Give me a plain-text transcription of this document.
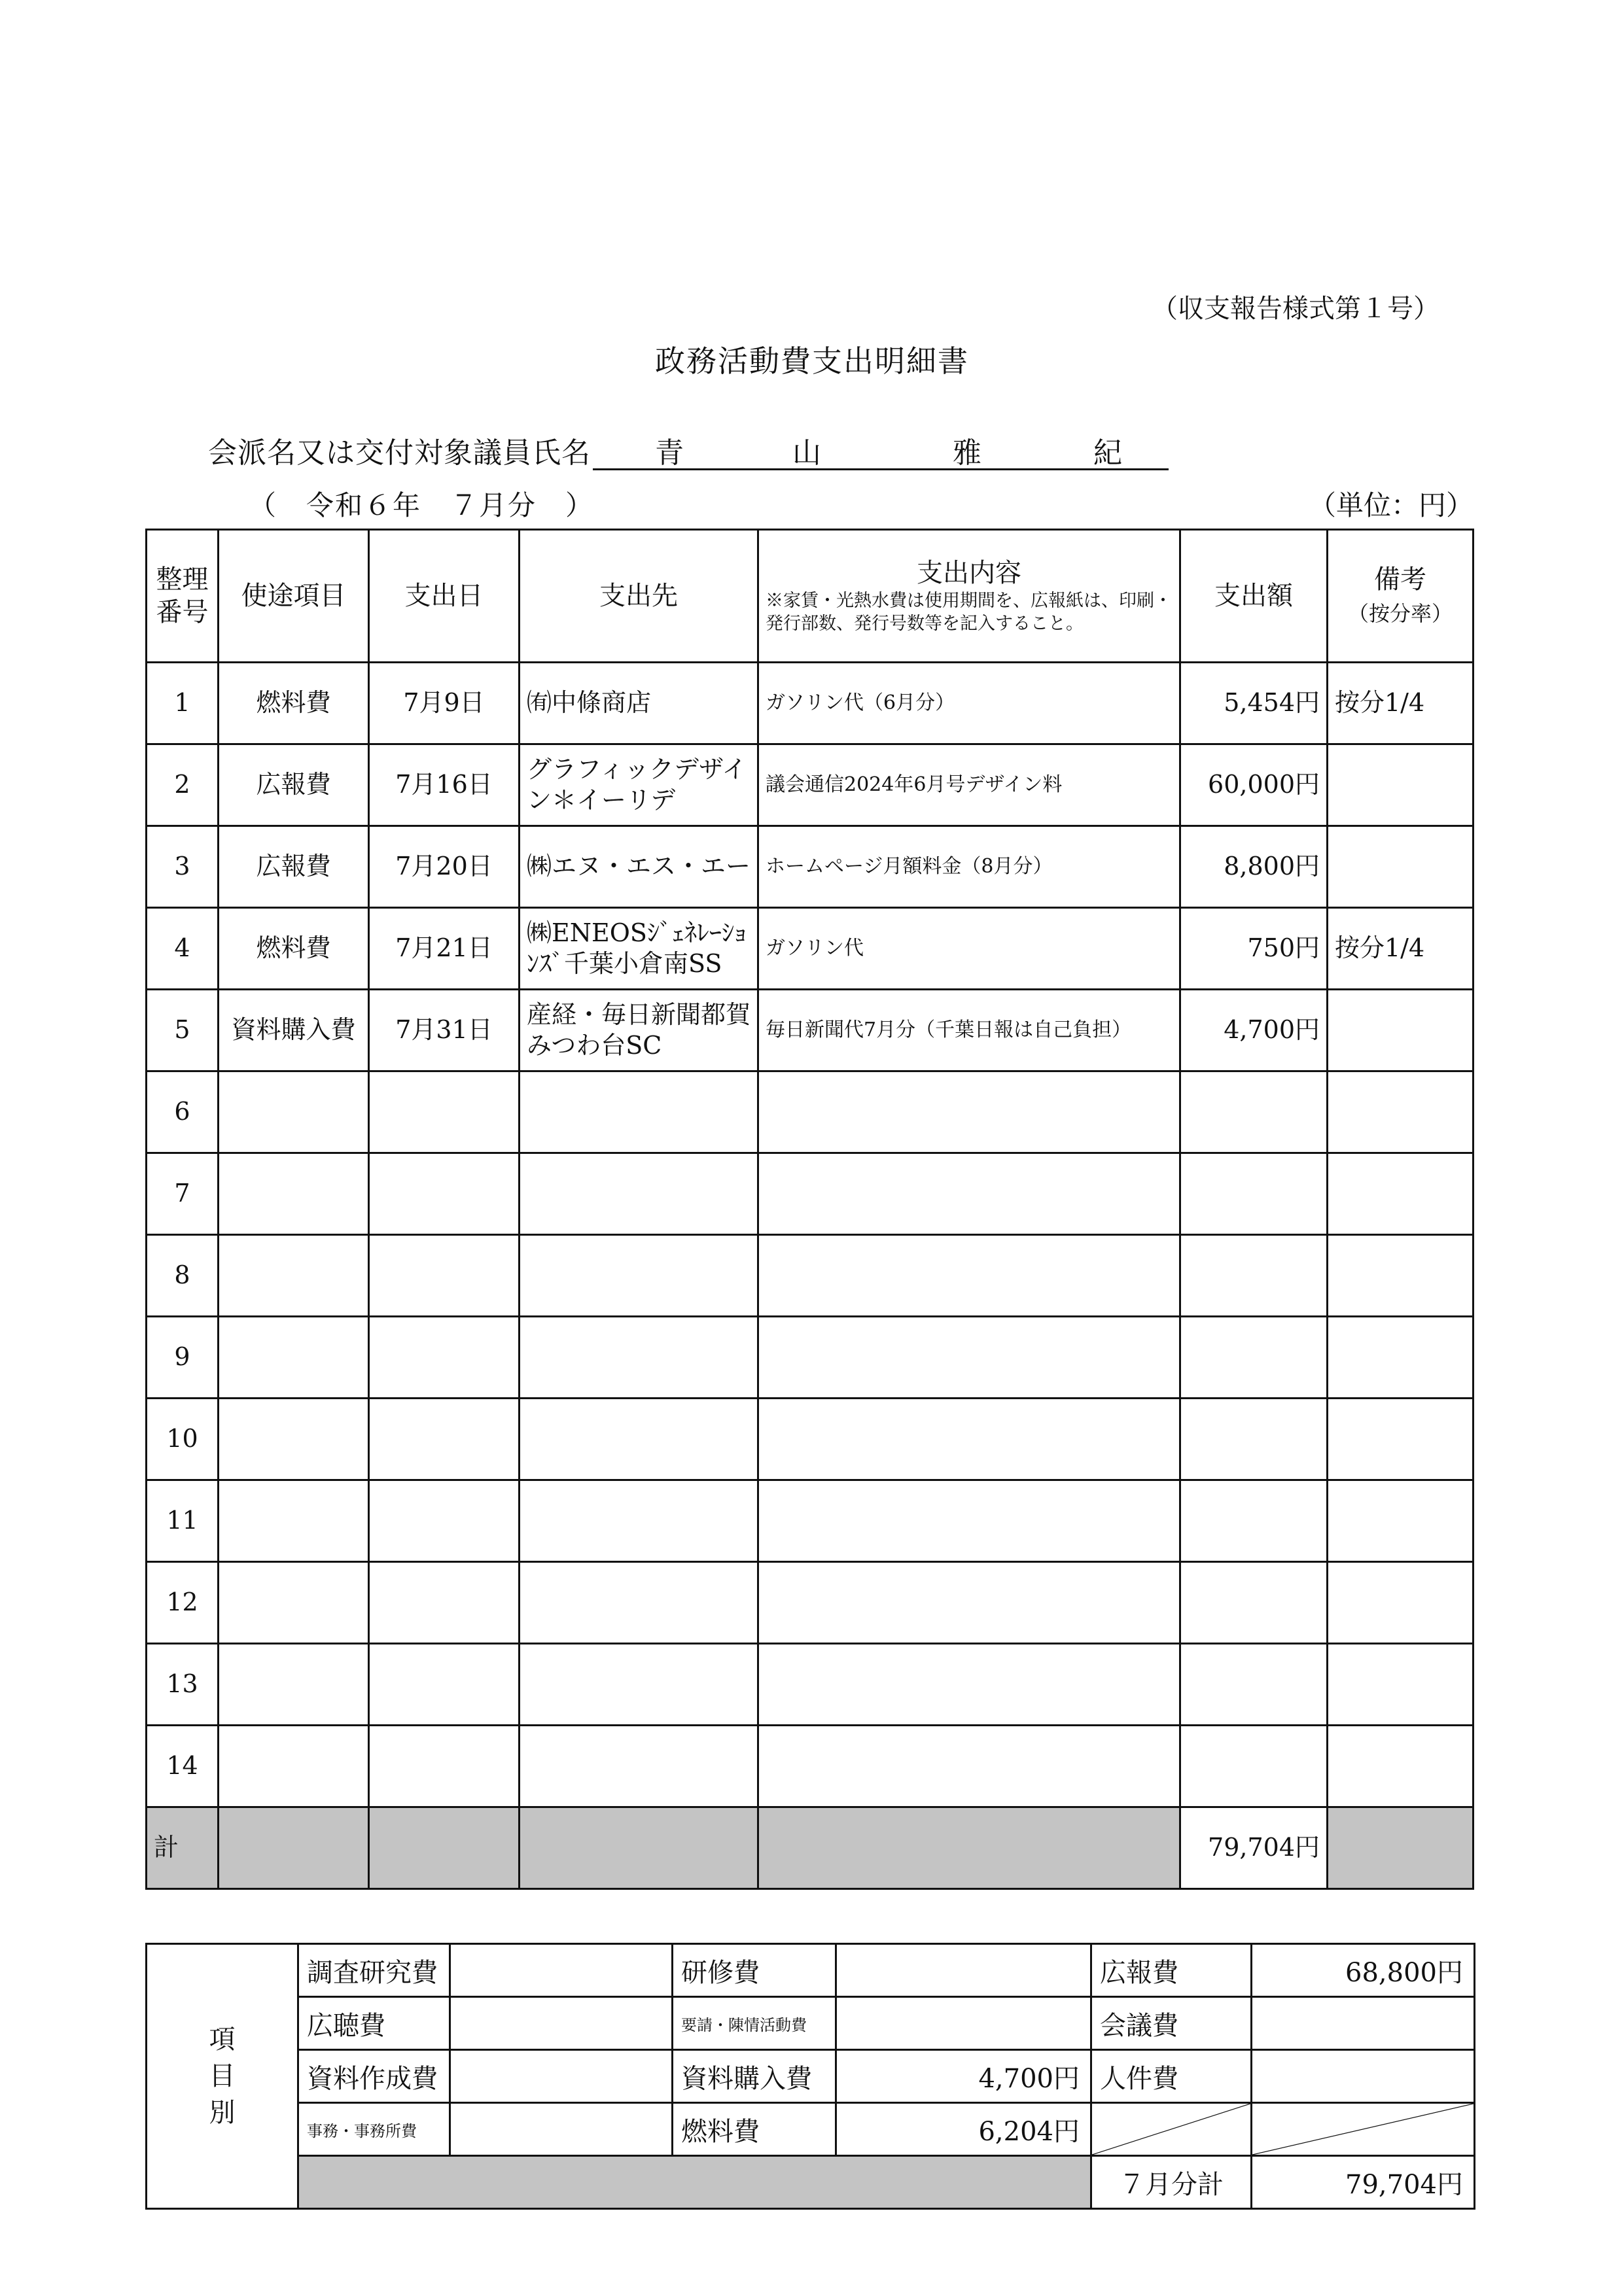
（収支報告様式第１号）
政務活動費支出明細書
会派名又は交付対象議員氏名 青	山	雅	紀
（　令和６年　７月分　）	（単位：円）
整理
番号	使途項目	支出日	支出先	支出内容
※家賃・光熱水費は使用期間を、広報紙は、印刷・発行部数、発行号数等を記入すること。	支出額	備考
（按分率）
1	燃料費	7月9日	㈲中條商店	ガソリン代（6月分）	5,454円	按分1/4
2	広報費	7月16日	グラフィックデザイン＊イーリデ	議会通信2024年6月号デザイン料	60,000円	
3	広報費	7月20日	㈱エヌ・エス・エー	ホームページ月額料金（8月分）	8,800円	
4	燃料費	7月21日	㈱ENEOSｼﾞｪﾈﾚｰｼｮﾝｽﾞ千葉小倉南SS	ガソリン代	750円	按分1/4
5	資料購入費	7月31日	産経・毎日新聞都賀みつわ台SC	毎日新聞代7月分（千葉日報は自己負担）	4,700円	
6						
7						
8						
9						
10						
11						
12						
13						
14						
計					79,704円	
項
目
別	調査研究費		研修費		広報費	68,800円
	広聴費		要請・陳情活動費		会議費	
	資料作成費		資料購入費	4,700円	人件費	
	事務・事務所費		燃料費	6,204円	

					７月分計	79,704円
